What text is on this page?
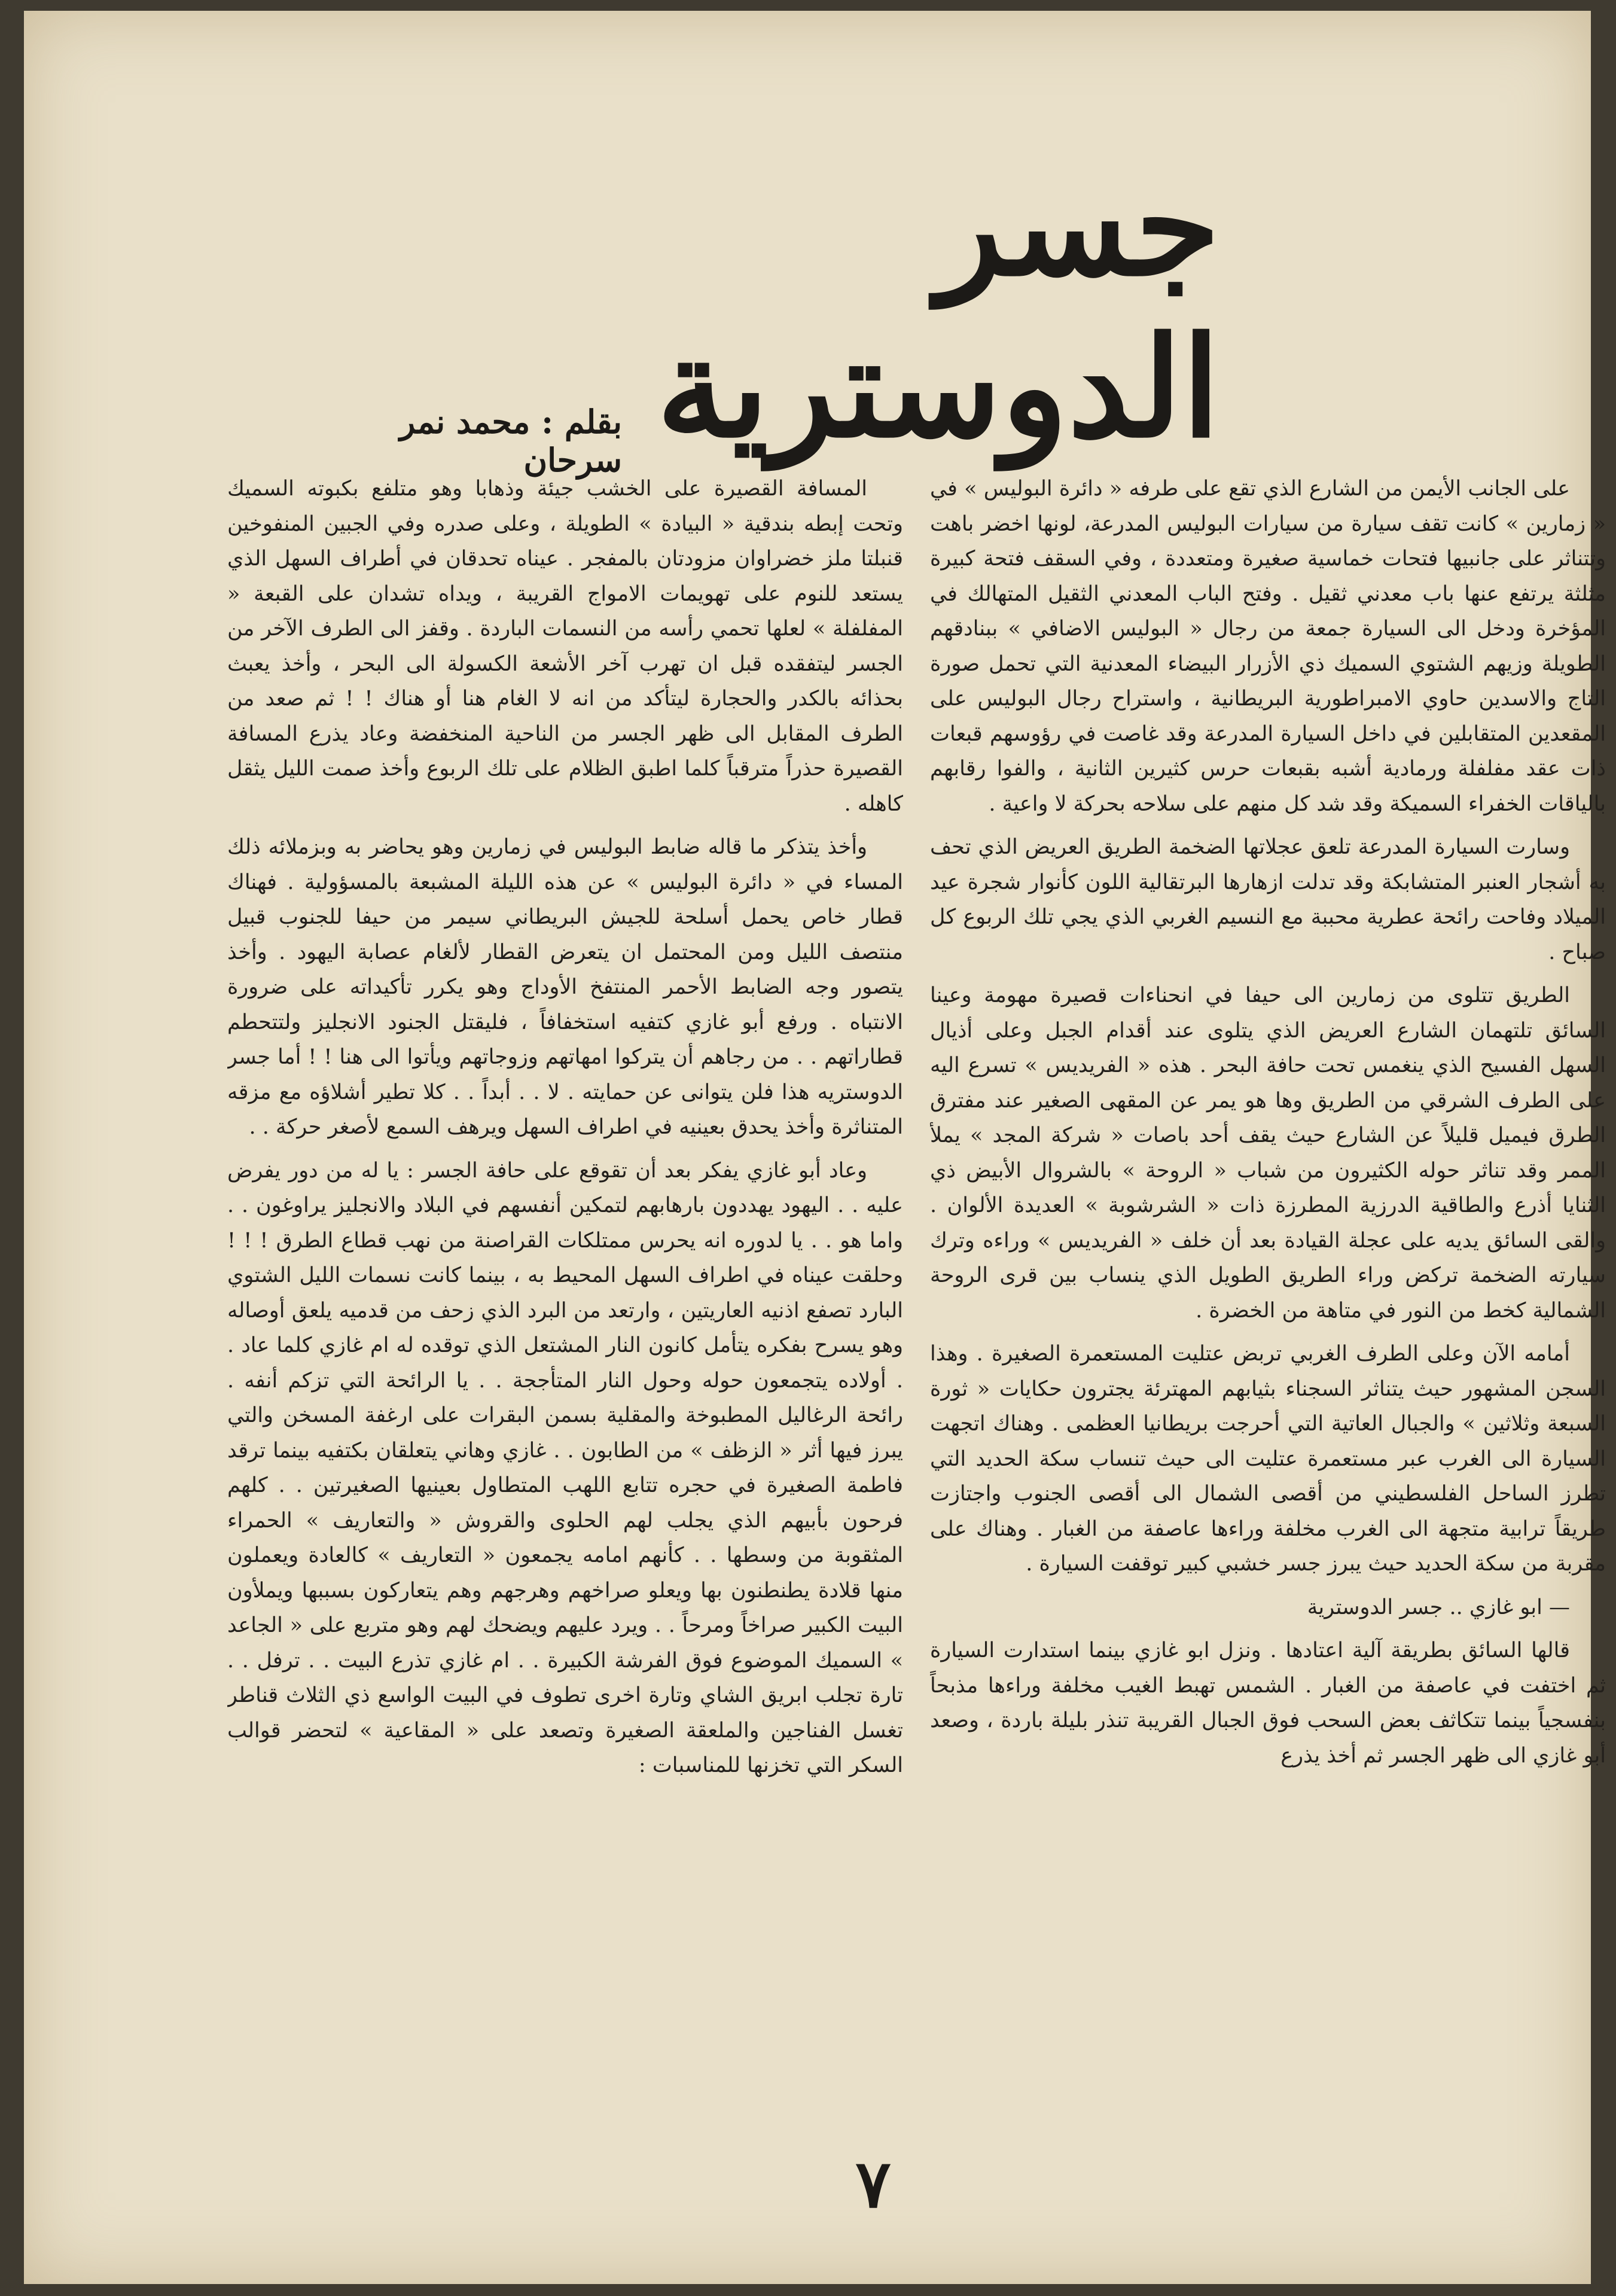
جسر الدوسترية
بقلم : محمد نمر سرحان

على الجانب الأيمن من الشارع الذي تقع على طرفه « دائرة البوليس » في « زمارين » كانت تقف سيارة من سيارات البوليس المدرعة، لونها اخضر باهت وتتناثر على جانبيها فتحات خماسية صغيرة ومتعددة ، وفي السقف فتحة كبيرة مثلثة يرتفع عنها باب معدني ثقيل . وفتح الباب المعدني الثقيل المتهالك في المؤخرة ودخل الى السيارة جمعة من رجال « البوليس الاضافي » ببنادقهم الطويلة وزيهم الشتوي السميك ذي الأزرار البيضاء المعدنية التي تحمل صورة التاج والاسدين حاوي الامبراطورية البريطانية ، واستراح رجال البوليس على المقعدين المتقابلين في داخل السيارة المدرعة وقد غاصت في رؤوسهم قبعات ذات عقد مفلفلة ورمادية أشبه بقبعات حرس كثيرين الثانية ، والفوا رقابهم بالياقات الخفراء السميكة وقد شد كل منهم على سلاحه بحركة لا واعية .

وسارت السيارة المدرعة تلعق عجلاتها الضخمة الطريق العريض الذي تحف به أشجار العنبر المتشابكة وقد تدلت ازهارها البرتقالية اللون كأنوار شجرة عيد الميلاد وفاحت رائحة عطرية محببة مع النسيم الغربي الذي يجي تلك الربوع كل صباح .

الطريق تتلوى من زمارين الى حيفا في انحناءات قصيرة مهومة وعينا السائق تلتهمان الشارع العريض الذي يتلوى عند أقدام الجبل وعلى أذيال السهل الفسيح الذي ينغمس تحت حافة البحر . هذه « الفريديس » تسرع اليه على الطرف الشرقي من الطريق وها هو يمر عن المقهى الصغير عند مفترق الطرق فيميل قليلاً عن الشارع حيث يقف أحد باصات « شركة المجد » يملأ الممر وقد تناثر حوله الكثيرون من شباب « الروحة » بالشروال الأبيض ذي الثنايا أذرع والطاقية الدرزية المطرزة ذات « الشرشوبة » العديدة الألوان . والقى السائق يديه على عجلة القيادة بعد أن خلف « الفريديس » وراءه وترك سيارته الضخمة تركض وراء الطريق الطويل الذي ينساب بين قرى الروحة الشمالية كخط من النور في متاهة من الخضرة .

أمامه الآن وعلى الطرف الغربي تربض عتليت المستعمرة الصغيرة . وهذا السجن المشهور حيث يتناثر السجناء بثيابهم المهترئة يجترون حكايات « ثورة السبعة وثلاثين » والجبال العاتية التي أحرجت بريطانيا العظمى . وهناك اتجهت السيارة الى الغرب عبر مستعمرة عتليت الى حيث تنساب سكة الحديد التي تطرز الساحل الفلسطيني من أقصى الشمال الى أقصى الجنوب واجتازت طريقاً ترابية متجهة الى الغرب مخلفة وراءها عاصفة من الغبار . وهناك على مقربة من سكة الحديد حيث يبرز جسر خشبي كبير توقفت السيارة .

— ابو غازي .. جسر الدوسترية

قالها السائق بطريقة آلية اعتادها . ونزل ابو غازي بينما استدارت السيارة ثم اختفت في عاصفة من الغبار . الشمس تهبط الغيب مخلفة وراءها مذبحاً بنفسجياً بينما تتكاثف بعض السحب فوق الجبال القريبة تنذر بليلة باردة ، وصعد أبو غازي الى ظهر الجسر ثم أخذ يذرع

المسافة القصيرة على الخشب جيئة وذهابا وهو متلفع بكبوته السميك وتحت إبطه بندقية « البيادة » الطويلة ، وعلى صدره وفي الجبين المنفوخين قنبلتا ملز خضراوان مزودتان بالمفجر . عيناه تحدقان في أطراف السهل الذي يستعد للنوم على تهويمات الامواج القريبة ، ويداه تشدان على القبعة « المفلفلة » لعلها تحمي رأسه من النسمات الباردة . وقفز الى الطرف الآخر من الجسر ليتفقده قبل ان تهرب آخر الأشعة الكسولة الى البحر ، وأخذ يعبث بحذائه بالكدر والحجارة ليتأكد من انه لا الغام هنا أو هناك ! ! ثم صعد من الطرف المقابل الى ظهر الجسر من الناحية المنخفضة وعاد يذرع المسافة القصيرة حذراً مترقباً كلما اطبق الظلام على تلك الربوع وأخذ صمت الليل يثقل كاهله .

وأخذ يتذكر ما قاله ضابط البوليس في زمارين وهو يحاضر به وبزملائه ذلك المساء في « دائرة البوليس » عن هذه الليلة المشبعة بالمسؤولية . فهناك قطار خاص يحمل أسلحة للجيش البريطاني سيمر من حيفا للجنوب قبيل منتصف الليل ومن المحتمل ان يتعرض القطار لألغام عصابة اليهود . وأخذ يتصور وجه الضابط الأحمر المنتفخ الأوداج وهو يكرر تأكيداته على ضرورة الانتباه . ورفع أبو غازي كتفيه استخفافاً ، فليقتل الجنود الانجليز ولتتحطم قطاراتهم . . من رجاهم أن يتركوا امهاتهم وزوجاتهم ويأتوا الى هنا ! ! أما جسر الدوستريه هذا فلن يتوانى عن حمايته . لا . . أبداً . . كلا تطير أشلاؤه مع مزقه المتناثرة وأخذ يحدق بعينيه في اطراف السهل ويرهف السمع لأصغر حركة . .

وعاد أبو غازي يفكر بعد أن تقوقع على حافة الجسر : يا له من دور يفرض عليه . . اليهود يهددون بارهابهم لتمكين أنفسهم في البلاد والانجليز يراوغون . . واما هو . . يا لدوره انه يحرس ممتلكات القراصنة من نهب قطاع الطرق ! ! ! وحلقت عيناه في اطراف السهل المحيط به ، بينما كانت نسمات الليل الشتوي البارد تصفع اذنيه العاريتين ، وارتعد من البرد الذي زحف من قدميه يلعق أوصاله وهو يسرح بفكره يتأمل كانون النار المشتعل الذي توقده له ام غازي كلما عاد . . أولاده يتجمعون حوله وحول النار المتأججة . . يا الرائحة التي تزكم أنفه . رائحة الرغاليل المطبوخة والمقلية بسمن البقرات على ارغفة المسخن والتي يبرز فيها أثر « الزظف » من الطابون . . غازي وهاني يتعلقان بكتفيه بينما ترقد فاطمة الصغيرة في حجره تتابع اللهب المتطاول بعينيها الصغيرتين . . كلهم فرحون بأبيهم الذي يجلب لهم الحلوى والقروش « والتعاريف » الحمراء المثقوبة من وسطها . . كأنهم امامه يجمعون « التعاريف » كالعادة ويعملون منها قلادة يطنطنون بها ويعلو صراخهم وهرجهم وهم يتعاركون بسببها ويملأون البيت الكبير صراخاً ومرحاً . . ويرد عليهم ويضحك لهم وهو متربع على « الجاعد » السميك الموضوع فوق الفرشة الكبيرة . . ام غازي تذرع البيت . . ترفل . . تارة تجلب ابريق الشاي وتارة اخرى تطوف في البيت الواسع ذي الثلاث قناطر تغسل الفناجين والملعقة الصغيرة وتصعد على « المقاعية » لتحضر قوالب السكر التي تخزنها للمناسبات :

٧
